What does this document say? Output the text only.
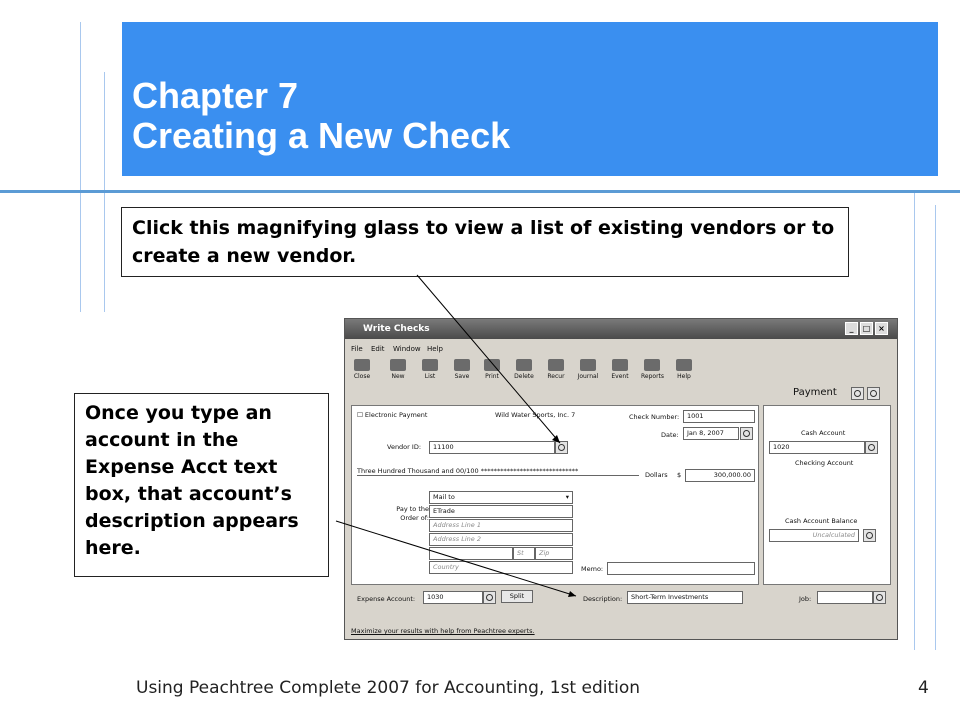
Chapter 7
Creating a New Check
Click this magnifying glass to view a list of existing vendors or to create a new vendor.
Once you type an account in the Expense Acct text box, that account’s description appears here.
Write Checks	_	□ ×
File Edit Window Help
Close	New	List	Save	Print	Delete	Recur	Journal	Event	Reports	Help
Payment
☐ Electronic Payment	Wild Water Sports, Inc. 7	Check Number:	1001
Date:	Jan 8, 2007
Vendor ID:	11100
Three Hundred Thousand and 00/100 ******************************	Dollars $	300,000.00
Pay to the Order of:
Mail to	▾
ETrade
Address Line 1
Address Line 2
St	Zip
Country	Memo:
Cash Account
1020
Checking Account
Cash Account Balance
Uncalculated
Expense Account:	1030	Split	Description:	Short-Term Investments	Job:
Maximize your results with help from Peachtree experts.
Using Peachtree Complete 2007 for Accounting, 1st edition	4
